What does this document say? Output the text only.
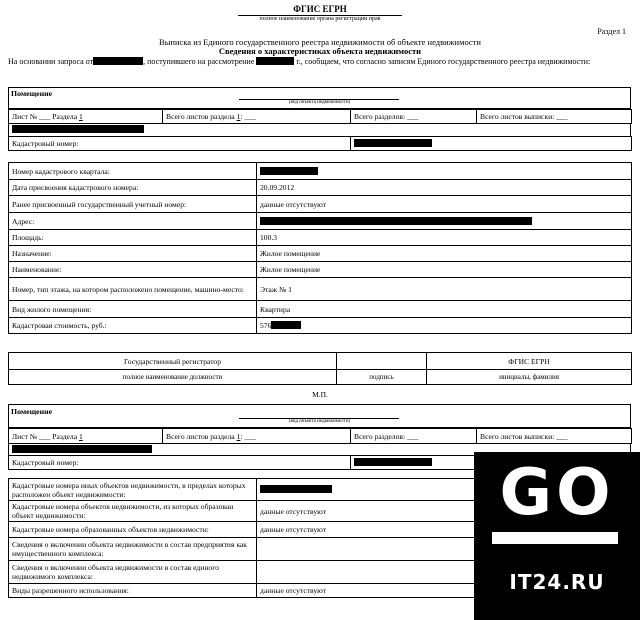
ФГИС ЕГРН
полное наименование органа регистрации прав
Раздел 1
Выписка из Единого государственного реестра недвижимости об объекте недвижимости
Сведения о характеристиках объекта недвижимости
На основании запроса от	, поступившего на рассмотрение	г., сообщаем, что согласно записям Единого государственного реестра недвижимости:
Помещение
(вид объекта недвижимости)
Лист № ___ Раздела 1	Всего листов раздела 1: ___	Всего разделов: ___	Всего листов выписки: ___
Кадастровый номер:	
Номер кадастрового квартала:	
Дата присвоения кадастрового номера:	20.09.2012
Ранее присвоенный государственный учетный номер:	данные отсутствуют
Адрес:	
Площадь:	100.3
Назначение:	Жилое помещение
Наименование:	Жилое помещение
Номер, тип этажа, на котором расположено помещение, машино-место:	Этаж № 1
Вид жилого помещения:	Квартира
Кадастровая стоимость, руб.:	576
Государственный регистратор		ФГИС ЕГРН
полное наименование должности	подпись	инициалы, фамилия
М.П.
Помещение
(вид объекта недвижимости)
Лист № ___ Раздела 1	Всего листов раздела 1: ___	Всего разделов: ___	Всего листов выписки: ___
Кадастровый номер:	
Кадастровые номера иных объектов недвижимости, в пределах которых расположен объект недвижимости:	
Кадастровые номера объектов недвижимости, из которых образован объект недвижимости:	данные отсутствуют
Кадастровые номера образованных объектов недвижимости:	данные отсутствуют
Сведения о включении объекта недвижимости в состав предприятия как имущественного комплекса:	
Сведения о включении объекта недвижимости в состав единого недвижимого комплекса:	
Виды разрешенного использования:	данные отсутствуют
GO
IT24.RU
